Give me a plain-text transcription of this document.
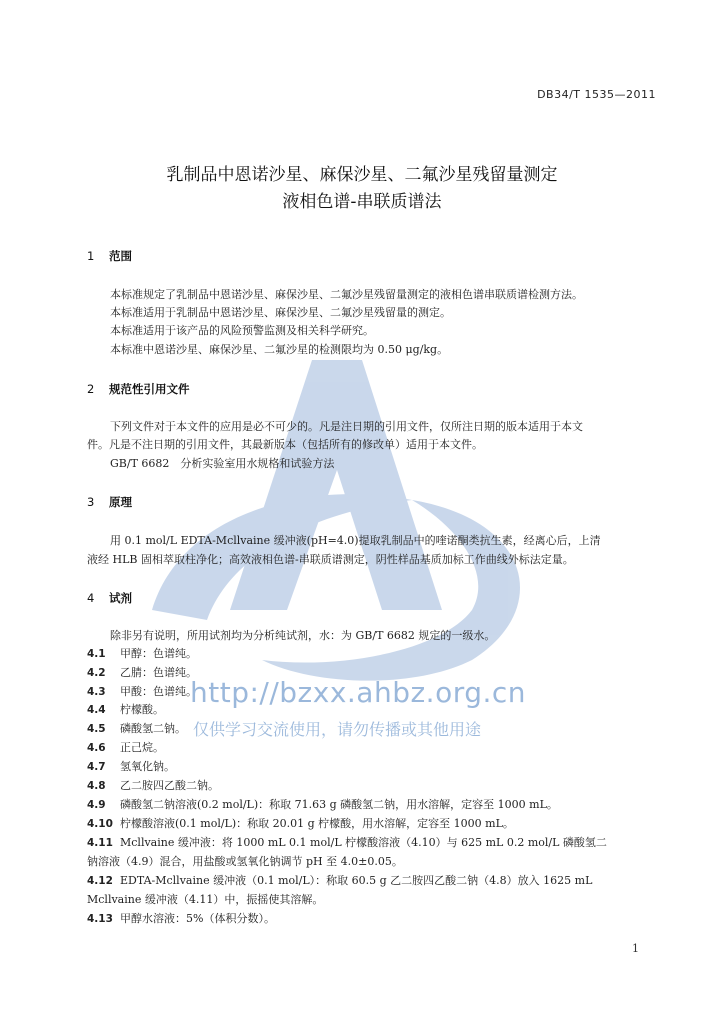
http://bzxx.ahbz.org.cn
仅供学习交流使用，请勿传播或其他用途
DB34/T 1535—2011
乳制品中恩诺沙星、麻保沙星、二氟沙星残留量测定
液相色谱-串联质谱法
1 范围
本标准规定了乳制品中恩诺沙星、麻保沙星、二氟沙星残留量测定的液相色谱串联质谱检测方法。
本标准适用于乳制品中恩诺沙星、麻保沙星、二氟沙星残留量的测定。
本标准适用于该产品的风险预警监测及相关科学研究。
本标准中恩诺沙星、麻保沙星、二氟沙星的检测限均为 0.50 μg/kg。
2 规范性引用文件
下列文件对于本文件的应用是必不可少的。凡是注日期的引用文件，仅所注日期的版本适用于本文
件。凡是不注日期的引用文件，其最新版本（包括所有的修改单）适用于本文件。
GB/T 6682　分析实验室用水规格和试验方法
3 原理
用 0.1 mol/L EDTA-Mcllvaine 缓冲液(pH=4.0)提取乳制品中的喹诺酮类抗生素，经离心后，上清
液经 HLB 固相萃取柱净化；高效液相色谱-串联质谱测定，阴性样品基质加标工作曲线外标法定量。
4 试剂
除非另有说明，所用试剂均为分析纯试剂，水：为 GB/T 6682 规定的一级水。
4.1 甲醇：色谱纯。
4.2 乙腈：色谱纯。
4.3 甲酸：色谱纯。
4.4 柠檬酸。
4.5 磷酸氢二钠。
4.6 正己烷。
4.7 氢氧化钠。
4.8 乙二胺四乙酸二钠。
4.9 磷酸氢二钠溶液(0.2 mol/L)：称取 71.63 g 磷酸氢二钠，用水溶解，定容至 1000 mL。
4.10 柠檬酸溶液(0.1 mol/L)：称取 20.01 g 柠檬酸，用水溶解，定容至 1000 mL。
4.11 Mcllvaine 缓冲液：将 1000 mL 0.1 mol/L 柠檬酸溶液（4.10）与 625 mL 0.2 mol/L 磷酸氢二
钠溶液（4.9）混合，用盐酸或氢氧化钠调节 pH 至 4.0±0.05。
4.12 EDTA-Mcllvaine 缓冲液（0.1 mol/L）：称取 60.5 g 乙二胺四乙酸二钠（4.8）放入 1625 mL
Mcllvaine 缓冲液（4.11）中，振摇使其溶解。
4.13 甲醇水溶液：5%（体积分数）。
1
